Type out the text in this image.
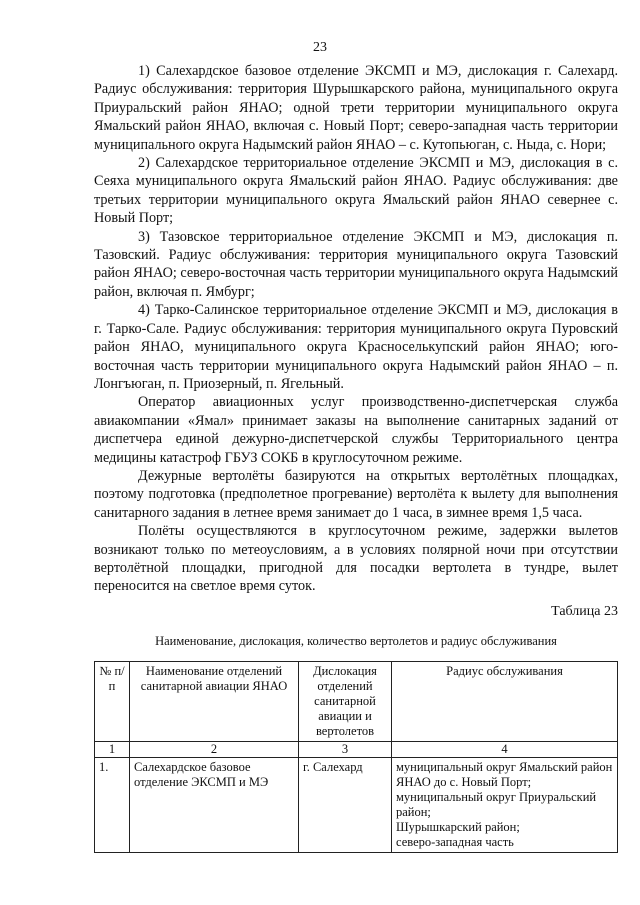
23

1) Салехардское базовое отделение ЭКСМП и МЭ, дислокация г. Салехард. Радиус обслуживания: территория Шурышкарского района, муниципального округа Приуральский район ЯНАО; одной трети территории муниципального округа Ямальский район ЯНАО, включая с. Новый Порт; северо-западная часть территории муниципального округа Надымский район ЯНАО – с. Кутопьюган, с. Ныда, с. Нори;

2) Салехардское территориальное отделение ЭКСМП и МЭ, дислокация в с. Сеяха муниципального округа Ямальский район ЯНАО. Радиус обслуживания: две третьих территории муниципального округа Ямальский район ЯНАО севернее с. Новый Порт;

3) Тазовское территориальное отделение ЭКСМП и МЭ, дислокация п. Тазовский. Радиус обслуживания: территория муниципального округа Тазовский район ЯНАО; северо-восточная часть территории муниципального округа Надымский район, включая п. Ямбург;

4) Тарко-Салинское территориальное отделение ЭКСМП и МЭ, дислокация в г. Тарко-Сале. Радиус обслуживания: территория муниципального округа Пуровский район ЯНАО, муниципального округа Красноселькупский район ЯНАО; юго-восточная часть территории муниципального округа Надымский район ЯНАО – п. Лонгъюган, п. Приозерный, п. Ягельный.

Оператор авиационных услуг производственно-диспетчерская служба авиакомпании «Ямал» принимает заказы на выполнение санитарных заданий от диспетчера единой дежурно-диспетчерской службы Территориального центра медицины катастроф ГБУЗ СОКБ в круглосуточном режиме.

Дежурные вертолёты базируются на открытых вертолётных площадках, поэтому подготовка (предполетное прогревание) вертолёта к вылету для выполнения санитарного задания в летнее время занимает до 1 часа, в зимнее время 1,5 часа.

Полёты осуществляются в круглосуточном режиме, задержки вылетов возникают только по метеоусловиям, а в условиях полярной ночи при отсутствии вертолётной площадки, пригодной для посадки вертолета в тундре, вылет переносится на светлое время суток.

Таблица 23
Наименование, дислокация, количество вертолетов и радиус обслуживания
№ п/п	Наименование отделений санитарной авиации ЯНАО	Дислокация отделений санитарной авиации и вертолетов	Радиус обслуживания
1	2	3	4
1.	Салехардское базовое отделение ЭКСМП и МЭ	г. Салехард	муниципальный округ Ямальский район ЯНАО до с. Новый Порт;
муниципальный округ Приуральский район;
Шурышкарский район;
северо-западная часть
